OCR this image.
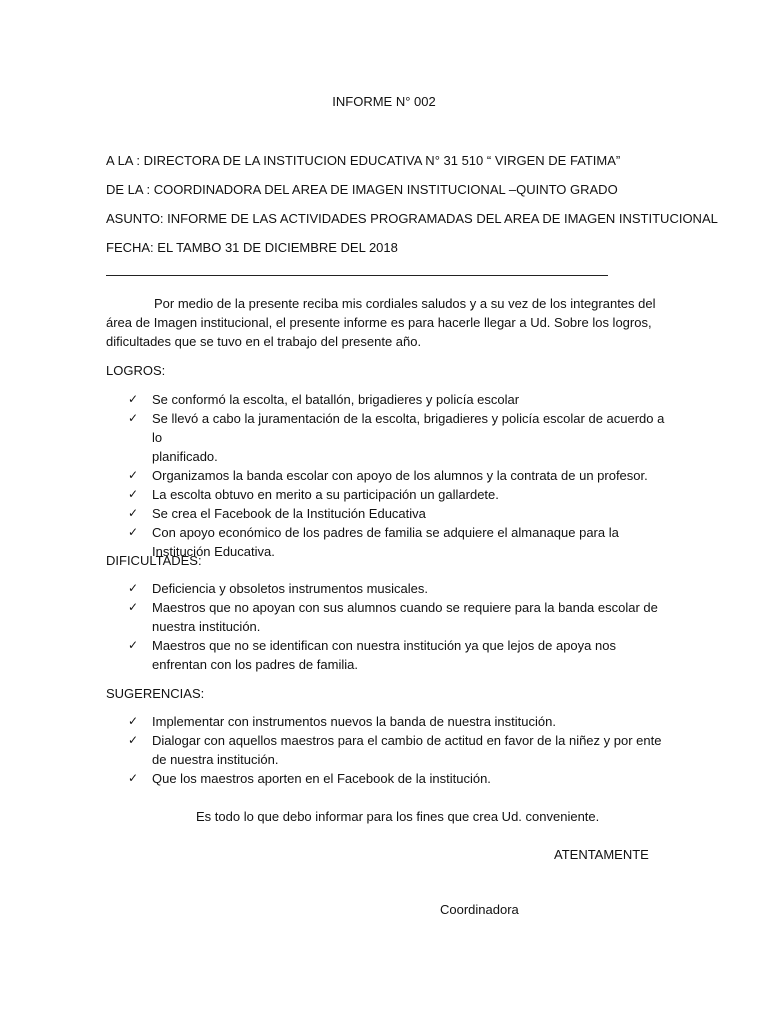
INFORME N° 002
A LA : DIRECTORA DE LA INSTITUCION EDUCATIVA N° 31 510 “ VIRGEN DE FATIMA”
DE LA : COORDINADORA DEL AREA DE IMAGEN INSTITUCIONAL –QUINTO GRADO
ASUNTO: INFORME DE LAS ACTIVIDADES PROGRAMADAS DEL AREA DE IMAGEN INSTITUCIONAL
FECHA: EL TAMBO 31 DE DICIEMBRE DEL 2018

Por medio de la presente reciba mis cordiales saludos y a su vez de los integrantes del

área de Imagen institucional, el presente informe es para hacerle llegar a Ud. Sobre los logros,

dificultades que se tuvo en el trabajo del presente año.

LOGROS:
✓ Se conformó la escolta, el batallón, brigadieres y policía escolar
✓ Se llevó a cabo la juramentación de la escolta, brigadieres y policía escolar de acuerdo a lo
planificado.
✓ Organizamos la banda escolar con apoyo de los alumnos y la contrata de un profesor.
✓ La escolta obtuvo en merito a su participación un gallardete.
✓ Se crea el Facebook de la Institución Educativa
✓ Con apoyo económico de los padres de familia se adquiere el almanaque para la
Institución Educativa.
DIFICULTADES:
✓ Deficiencia y obsoletos instrumentos musicales.
✓ Maestros que no apoyan con sus alumnos cuando se requiere para la banda escolar de
nuestra institución.
✓ Maestros que no se identifican con nuestra institución ya que lejos de apoya nos
enfrentan con los padres de familia.
SUGERENCIAS:
✓ Implementar con instrumentos nuevos la banda de nuestra institución.
✓ Dialogar con aquellos maestros para el cambio de actitud en favor de la niñez y por ente
de nuestra institución.
✓ Que los maestros aporten en el Facebook de la institución.
Es todo lo que debo informar para los fines que crea Ud. conveniente.
ATENTAMENTE
Coordinadora
